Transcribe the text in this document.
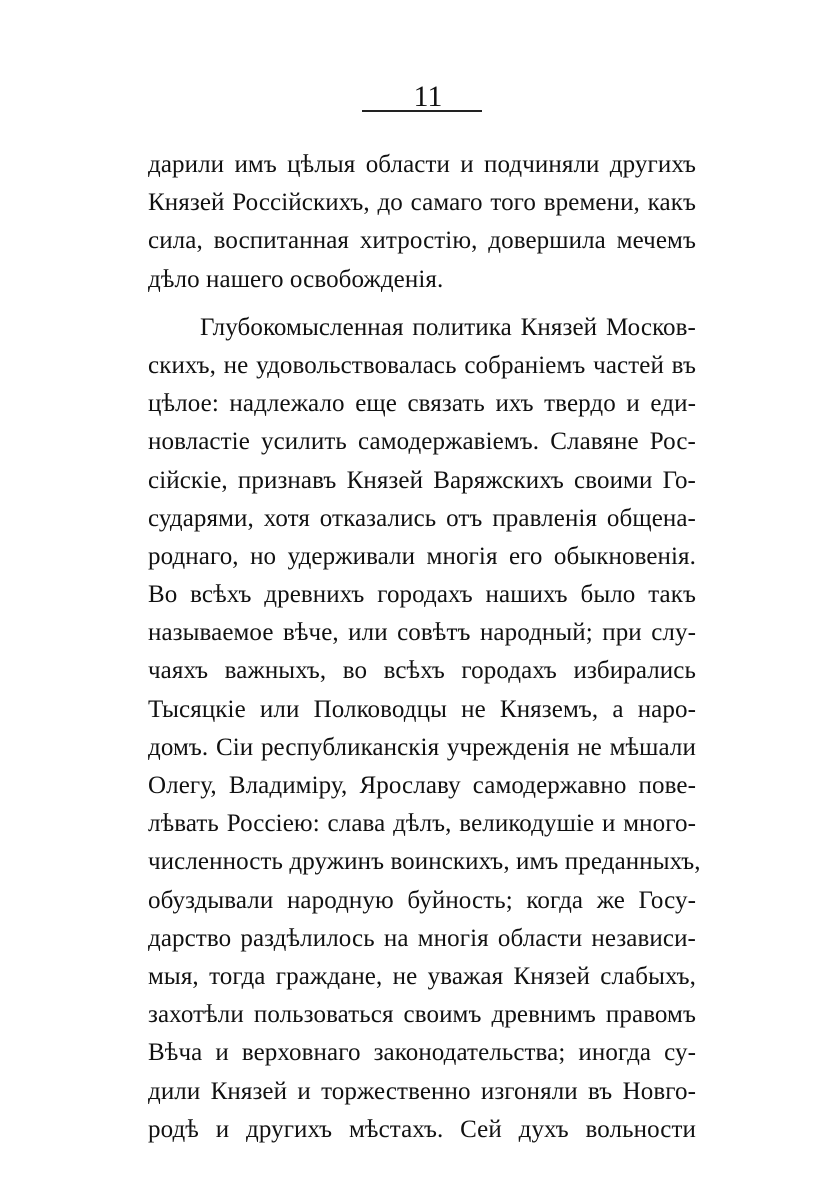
11
дарили имъ цѣлыя области и подчиняли другихъ
Князей Россiйскихъ, до самаго того времени, какъ
сила, воспитанная хитростiю, довершила мечемъ
дѣло нашего освобожденiя.
Глубокомысленная политика Князей Москов-
скихъ, не удовольствовалась собранiемъ частей въ
цѣлое: надлежало еще связать ихъ твердо и еди-
новластiе усилить самодержавiемъ. Славяне Рос-
сiйскiе, признавъ Князей Варяжскихъ своими Го-
сударями, хотя отказались отъ правленiя общена-
роднаго, но удерживали многiя его обыкновенiя.
Во всѣхъ древнихъ городахъ нашихъ было такъ
называемое вѣче, или совѣтъ народный; при слу-
чаяхъ важныхъ, во всѣхъ городахъ избирались
Тысяцкiе или Полководцы не Княземъ, а наро-
домъ. Сiи республиканскiя учрежденiя не мѣшали
Олегу, Владимiру, Ярославу самодержавно пове-
лѣвать Россiею: слава дѣлъ, великодушiе и много-
численность дружинъ воинскихъ, имъ преданныхъ,
обуздывали народную буйность; когда же Госу-
дарство раздѣлилось на многiя области независи-
мыя, тогда граждане, не уважая Князей слабыхъ,
захотѣли пользоваться своимъ древнимъ правомъ
Вѣча и верховнаго законодательства; иногда су-
дили Князей и торжественно изгоняли въ Новго-
родѣ и другихъ мѣстахъ. Сей духъ вольности
